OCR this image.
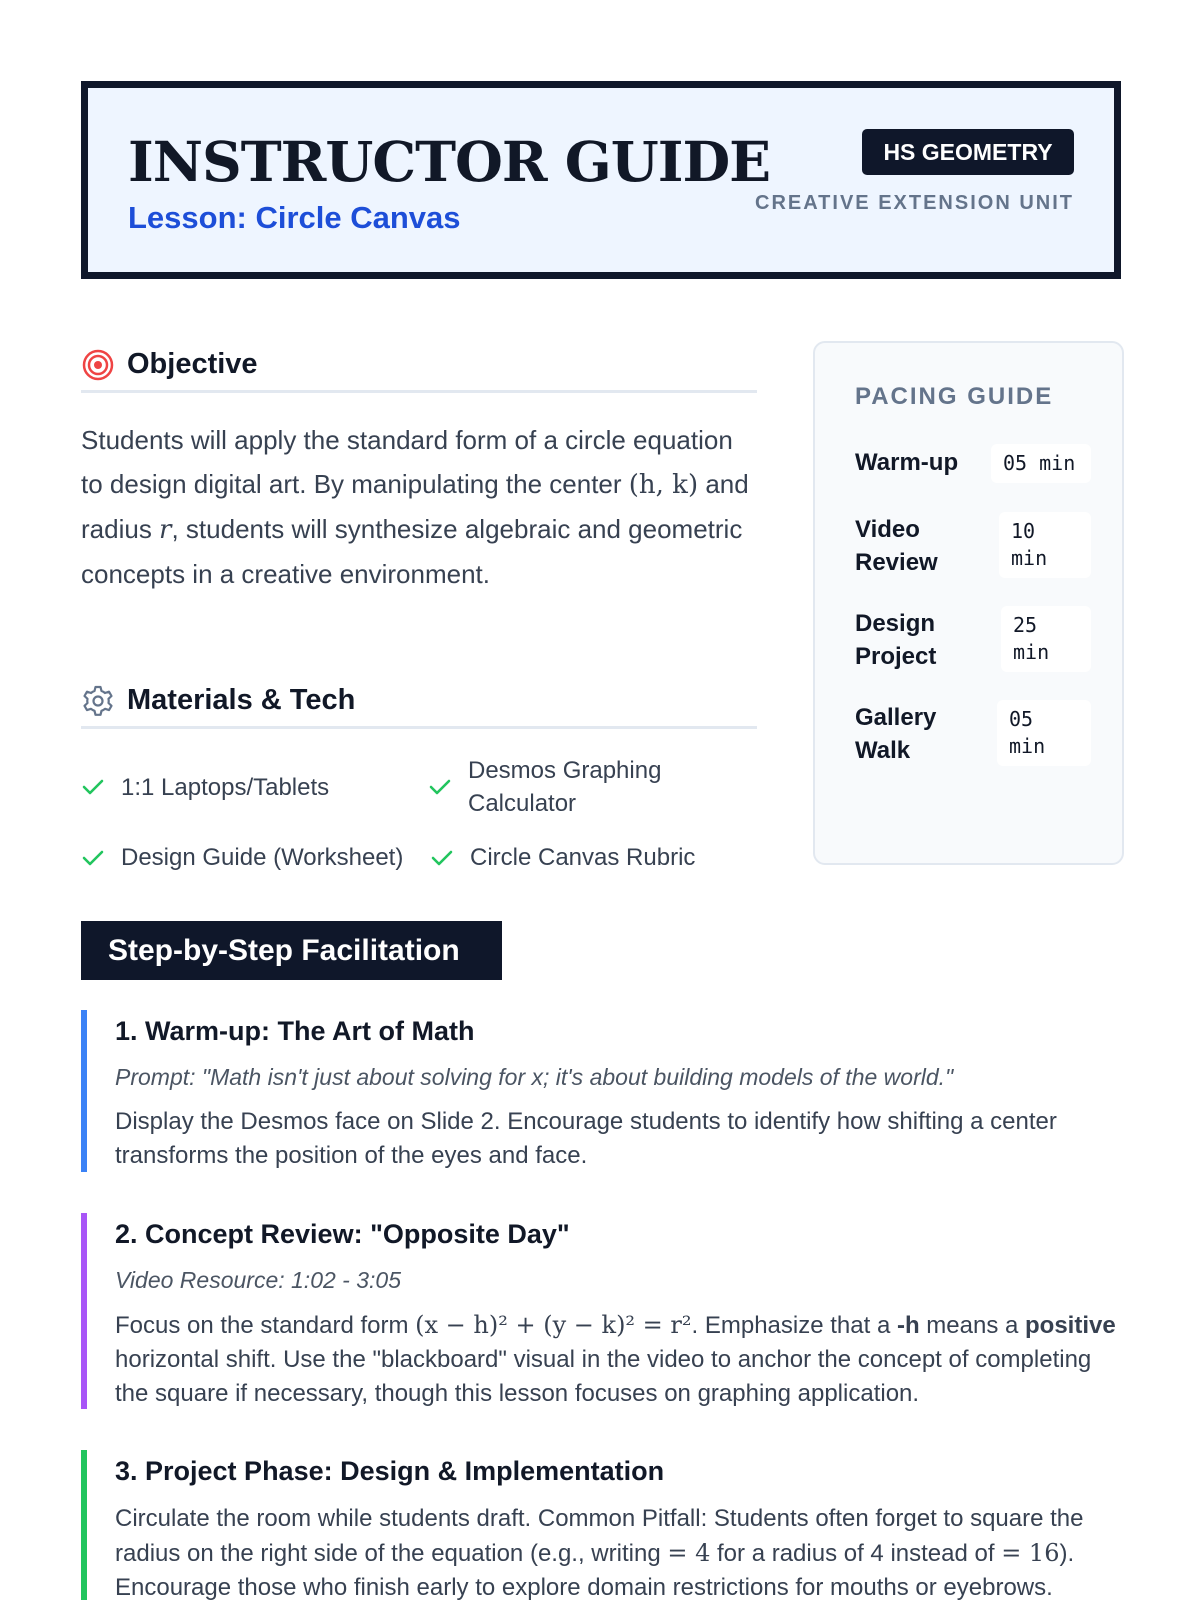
INSTRUCTOR GUIDE
Lesson: Circle Canvas
HS GEOMETRY
CREATIVE EXTENSION UNIT
Objective

Students will apply the standard form of a circle equation to design digital art. By manipulating the center (h, k) and radius r, students will synthesize algebraic and geometric concepts in a creative environment.

Materials & Tech
1:1 Laptops/Tablets
Desmos Graphing Calculator
Design Guide (Worksheet)	Circle Canvas Rubric
PACING GUIDE
Warm-up	05 min
Video Review
10 min
Design Project
25 min
Gallery Walk
05 min
Step-by-Step Facilitation
1. Warm-up: The Art of Math

Prompt: "Math isn't just about solving for x; it's about building models of the world."

Display the Desmos face on Slide 2. Encourage students to identify how shifting a center transforms the position of the eyes and face.

2. Concept Review: "Opposite Day"

Video Resource: 1:02 - 3:05

Focus on the standard form (x − h)² + (y − k)² = r². Emphasize that a -h means a positive horizontal shift. Use the "blackboard" visual in the video to anchor the concept of completing the square if necessary, though this lesson focuses on graphing application.

3. Project Phase: Design & Implementation

Circulate the room while students draft. Common Pitfall: Students often forget to square the radius on the right side of the equation (e.g., writing = 4 for a radius of 4 instead of = 16). Encourage those who finish early to explore domain restrictions for mouths or eyebrows.
